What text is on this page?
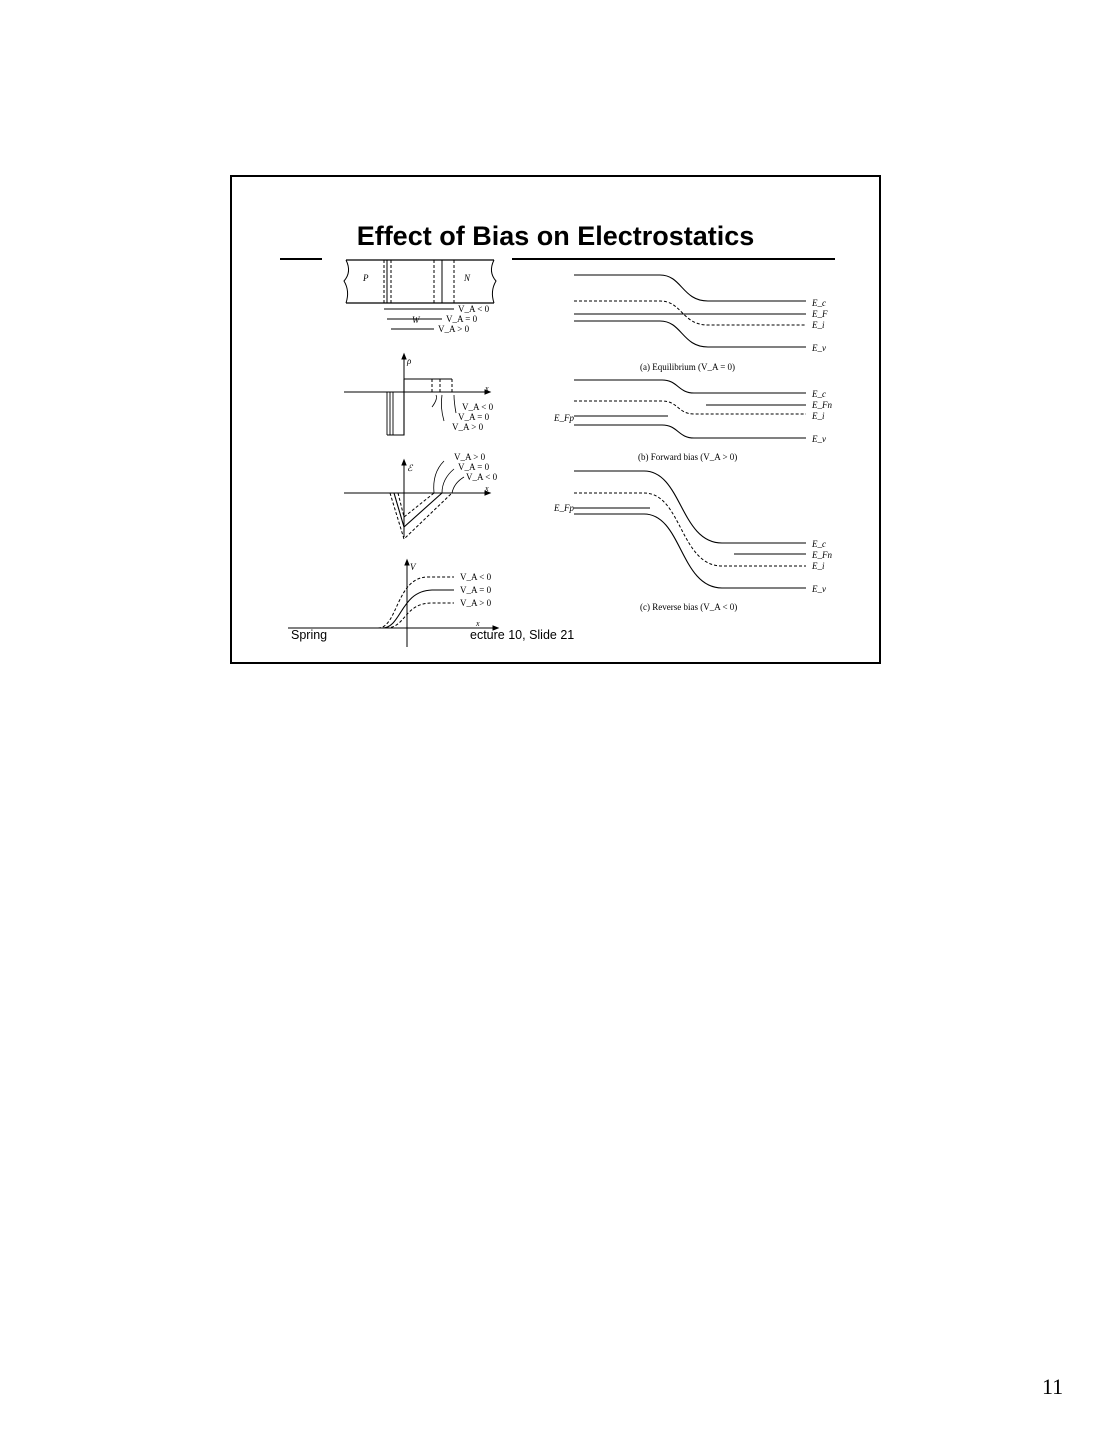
Effect of Bias on Electrostatics
P	N
W
V_A < 0
V_A = 0
V_A > 0
ρ
x
V_A < 0
V_A = 0
V_A > 0
ℰ
x
V_A > 0
V_A = 0
V_A < 0
V
x
V_A < 0
V_A = 0
V_A > 0
E_c
E_F
E_i
E_v
(a) Equilibrium (V_A = 0)
E_Fp
E_c
E_Fn
E_i
E_v
(b) Forward bias (V_A > 0)
E_Fp
E_c
E_Fn
E_i
E_v
(c) Reverse bias (V_A < 0)
Spring	ecture 10, Slide 21
11
